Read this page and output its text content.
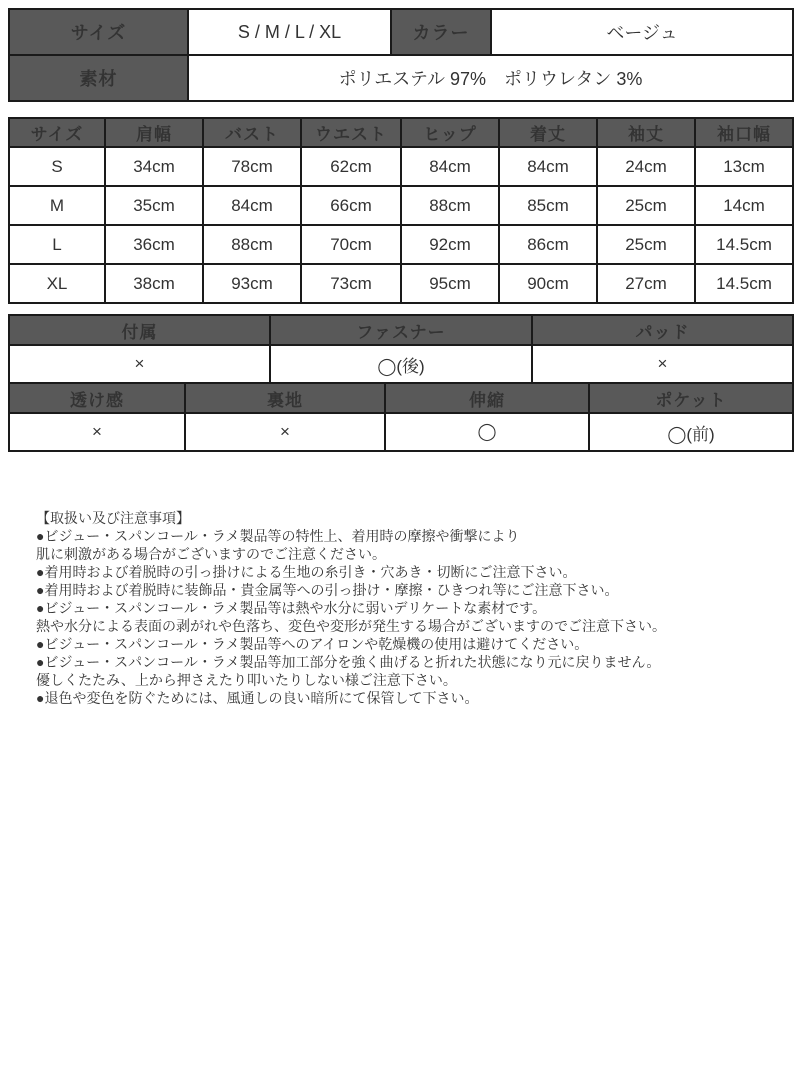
サイズ	S / M / L / XL	カラー	ベージュ
素材	ポリエステル 97%　ポリウレタン 3%		
サイズ	肩幅	バスト	ウエスト	ヒップ	着丈	袖丈	袖口幅
S	34cm	78cm	62cm	84cm	84cm	24cm	13cm
M	35cm	84cm	66cm	88cm	85cm	25cm	14cm
L	36cm	88cm	70cm	92cm	86cm	25cm	14.5cm
XL	38cm	93cm	73cm	95cm	90cm	27cm	14.5cm
付属	ファスナー	パッド
×	◯(後)	×
透け感	裏地	伸縮	ポケット
×	×	◯	◯(前)
【取扱い及び注意事項】
●ビジュー・スパンコール・ラメ製品等の特性上、着用時の摩擦や衝撃により
肌に刺激がある場合がございますのでご注意ください。
●着用時および着脱時の引っ掛けによる生地の糸引き・穴あき・切断にご注意下さい。
●着用時および着脱時に装飾品・貴金属等への引っ掛け・摩擦・ひきつれ等にご注意下さい。
●ビジュー・スパンコール・ラメ製品等は熱や水分に弱いデリケートな素材です。
熱や水分による表面の剥がれや色落ち、変色や変形が発生する場合がございますのでご注意下さい。
●ビジュー・スパンコール・ラメ製品等へのアイロンや乾燥機の使用は避けてください。
●ビジュー・スパンコール・ラメ製品等加工部分を強く曲げると折れた状態になり元に戻りません。
優しくたたみ、上から押さえたり叩いたりしない様ご注意下さい。
●退色や変色を防ぐためには、風通しの良い暗所にて保管して下さい。
